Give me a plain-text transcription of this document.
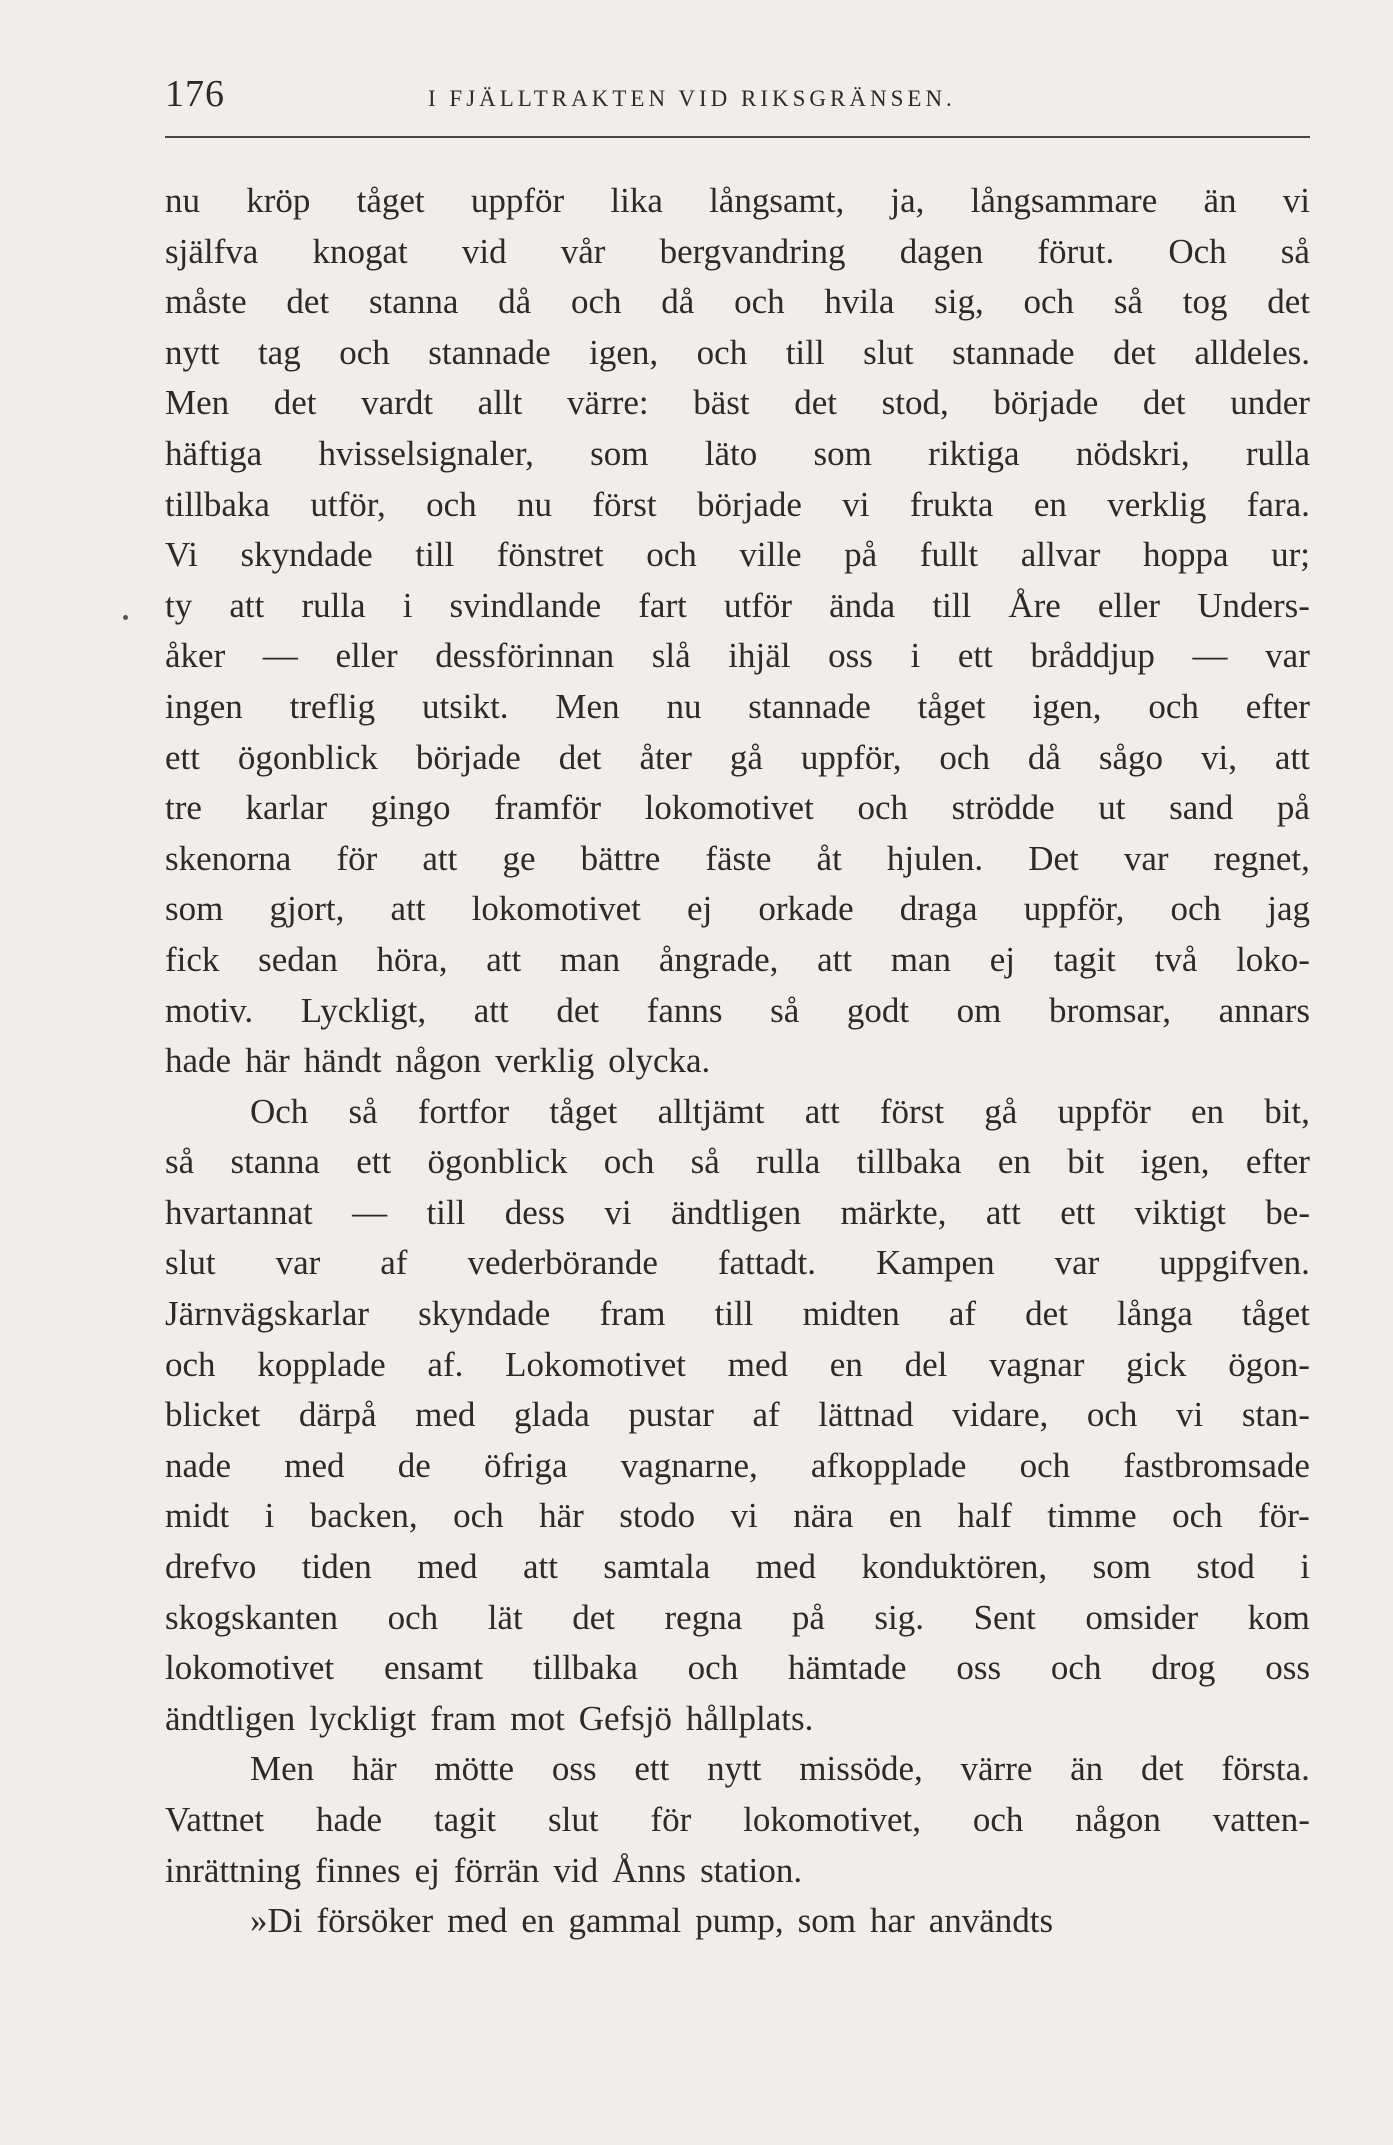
176	I FJÄLLTRAKTEN VID RIKSGRÄNSEN.
nu kröp tåget uppför lika långsamt, ja, långsammare än vi
själfva knogat vid vår bergvandring dagen förut. Och så
måste det stanna då och då och hvila sig, och så tog det
nytt tag och stannade igen, och till slut stannade det alldeles.
Men det vardt allt värre: bäst det stod, började det under
häftiga hvisselsignaler, som läto som riktiga nödskri, rulla
tillbaka utför, och nu först började vi frukta en verklig fara.
Vi skyndade till fönstret och ville på fullt allvar hoppa ur;
ty att rulla i svindlande fart utför ända till Åre eller Unders-
åker — eller dessförinnan slå ihjäl oss i ett bråddjup — var
ingen treflig utsikt. Men nu stannade tåget igen, och efter
ett ögonblick började det åter gå uppför, och då sågo vi, att
tre karlar gingo framför lokomotivet och strödde ut sand på
skenorna för att ge bättre fäste åt hjulen. Det var regnet,
som gjort, att lokomotivet ej orkade draga uppför, och jag
fick sedan höra, att man ångrade, att man ej tagit två loko-
motiv. Lyckligt, att det fanns så godt om bromsar, annars
hade här händt någon verklig olycka.
Och så fortfor tåget alltjämt att först gå uppför en bit,
så stanna ett ögonblick och så rulla tillbaka en bit igen, efter
hvartannat — till dess vi ändtligen märkte, att ett viktigt be-
slut var af vederbörande fattadt. Kampen var uppgifven.
Järnvägskarlar skyndade fram till midten af det långa tåget
och kopplade af. Lokomotivet med en del vagnar gick ögon-
blicket därpå med glada pustar af lättnad vidare, och vi stan-
nade med de öfriga vagnarne, afkopplade och fastbromsade
midt i backen, och här stodo vi nära en half timme och för-
drefvo tiden med att samtala med konduktören, som stod i
skogskanten och lät det regna på sig. Sent omsider kom
lokomotivet ensamt tillbaka och hämtade oss och drog oss
ändtligen lyckligt fram mot Gefsjö hållplats.
Men här mötte oss ett nytt missöde, värre än det första.
Vattnet hade tagit slut för lokomotivet, och någon vatten-
inrättning finnes ej förrän vid Ånns station.
»Di försöker med en gammal pump, som har användts
